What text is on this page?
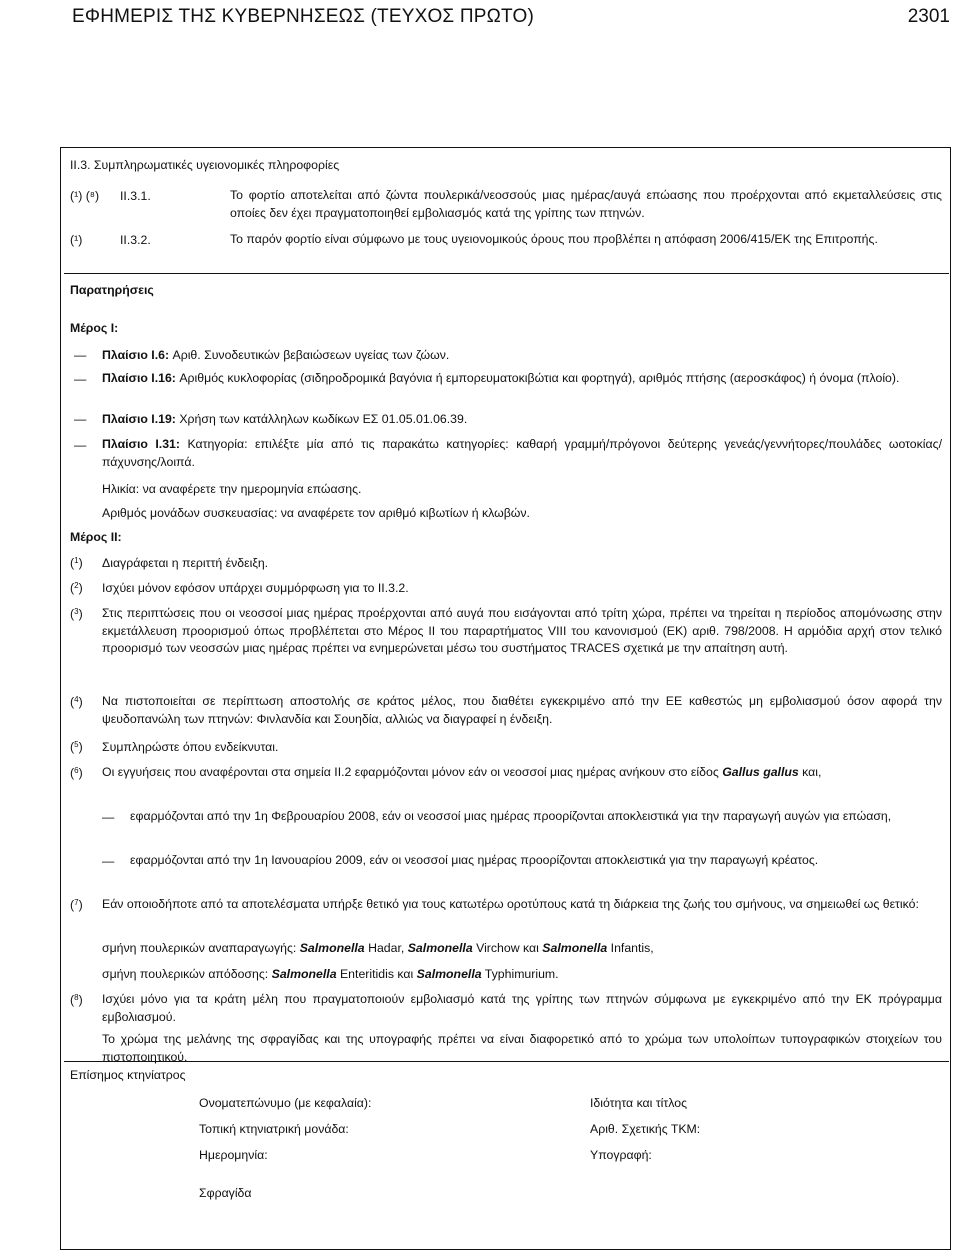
ΕΦΗΜΕΡΙΣ ΤΗΣ ΚΥΒΕΡΝΗΣΕΩΣ (ΤΕΥΧΟΣ ΠΡΩΤΟ)	2301
II.3. Συμπληρωματικές υγειονομικές πληροφορίες
(¹) (⁸) II.3.1.	Το φορτίο αποτελείται από ζώντα πουλερικά/νεοσσούς μιας ημέρας/αυγά επώασης που προέρχονται από εκμεταλλεύσεις στις οποίες δεν έχει πραγματοποιηθεί εμβολιασμός κατά της γρίπης των πτηνών.
(¹)	II.3.2.	Το παρόν φορτίο είναι σύμφωνο με τους υγειονομικούς όρους που προβλέπει η απόφαση 2006/415/ΕΚ της Επιτροπής.
Παρατηρήσεις
Μέρος I:
— Πλαίσιο I.6: Αριθ. Συνοδευτικών βεβαιώσεων υγείας των ζώων.
— Πλαίσιο I.16: Αριθμός κυκλοφορίας (σιδηροδρομικά βαγόνια ή εμπορευματοκιβώτια και φορτηγά), αριθμός πτήσης (αεροσκάφος) ή όνομα (πλοίο).
— Πλαίσιο I.19: Χρήση των κατάλληλων κωδίκων ΕΣ 01.05.01.06.39.
— Πλαίσιο I.31: Κατηγορία: επιλέξτε μία από τις παρακάτω κατηγορίες: καθαρή γραμμή/πρόγονοι δεύτερης γενεάς/γεννήτορες/πουλάδες ωοτοκίας/πάχυνσης/λοιπά.
Ηλικία: να αναφέρετε την ημερομηνία επώασης.
Αριθμός μονάδων συσκευασίας: να αναφέρετε τον αριθμό κιβωτίων ή κλωβών.
Μέρος II:
($^1$) Διαγράφεται η περιττή ένδειξη.
($^2$) Ισχύει μόνον εφόσον υπάρχει συμμόρφωση για το II.3.2.
($^3$) Στις περιπτώσεις που οι νεοσσοί μιας ημέρας προέρχονται από αυγά που εισάγονται από τρίτη χώρα, πρέπει να τηρείται η περίοδος απομόνωσης στην εκμετάλλευση προορισμού όπως προβλέπεται στο Μέρος II του παραρτήματος VIII του κανονισμού (ΕΚ) αριθ. 798/2008. Η αρμόδια αρχή στον τελικό προορισμό των νεοσσών μιας ημέρας πρέπει να ενημερώνεται μέσω του συστήματος TRACES σχετικά με την απαίτηση αυτή.
($^4$) Να πιστοποιείται σε περίπτωση αποστολής σε κράτος μέλος, που διαθέτει εγκεκριμένο από την ΕΕ καθεστώς μη εμβολιασμού όσον αφορά την ψευδοπανώλη των πτηνών: Φινλανδία και Σουηδία, αλλιώς να διαγραφεί η ένδειξη.
($^5$) Συμπληρώστε όπου ενδείκνυται.
($^6$) Οι εγγυήσεις που αναφέρονται στα σημεία II.2 εφαρμόζονται μόνον εάν οι νεοσσοί μιας ημέρας ανήκουν στο είδος Gallus gallus και,
— εφαρμόζονται από την 1η Φεβρουαρίου 2008, εάν οι νεοσσοί μιας ημέρας προορίζονται αποκλειστικά για την παραγωγή αυγών για επώαση,
— εφαρμόζονται από την 1η Ιανουαρίου 2009, εάν οι νεοσσοί μιας ημέρας προορίζονται αποκλειστικά για την παραγωγή κρέατος.
($^7$) Εάν οποιοδήποτε από τα αποτελέσματα υπήρξε θετικό για τους κατωτέρω οροτύπους κατά τη διάρκεια της ζωής του σμήνους, να σημειωθεί ως θετικό:
σμήνη πουλερικών αναπαραγωγής: Salmonella Hadar, Salmonella Virchow και Salmonella Infantis,
σμήνη πουλερικών απόδοσης: Salmonella Enteritidis και Salmonella Typhimurium.
($^8$) Ισχύει μόνο για τα κράτη μέλη που πραγματοποιούν εμβολιασμό κατά της γρίπης των πτηνών σύμφωνα με εγκεκριμένο από την ΕΚ πρόγραμμα εμβολιασμού.
Το χρώμα της μελάνης της σφραγίδας και της υπογραφής πρέπει να είναι διαφορετικό από το χρώμα των υπολοίπων τυπογραφικών στοιχείων του πιστοποιητικού.
Επίσημος κτηνίατρος
Ονοματεπώνυμο (με κεφαλαία):	Ιδιότητα και τίτλος
Τοπική κτηνιατρική μονάδα:	Αριθ. Σχετικής ΤΚΜ:
Ημερομηνία:	Υπογραφή:
Σφραγίδα
